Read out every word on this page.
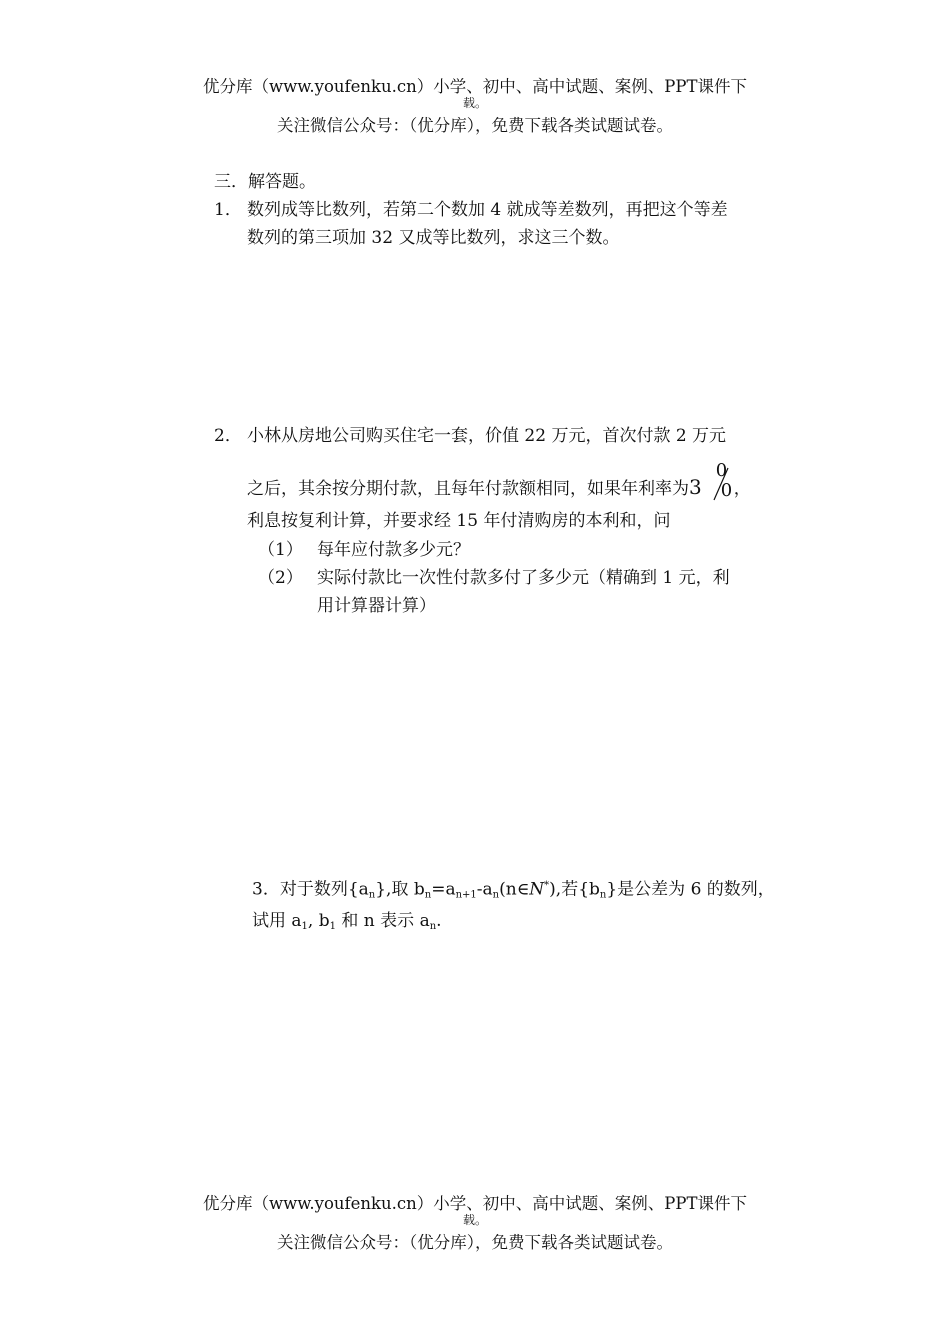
优分库（www.youfenku.cn）小学、初中、高中试题、案例、PPT课件下
载。
关注微信公众号：（优分库），免费下载各类试题试卷。
三．解答题。
1． 数列成等比数列，若第二个数加 4 就成等差数列，再把这个等差
数列的第三项加 32 又成等比数列，求这三个数。
2． 小林从房地公司购买住宅一套，价值 22 万元，首次付款 2 万元
之后，其余按分期付款，且每年付款额相同，如果年利率为3
0
0 ，
利息按复利计算，并要求经 15 年付清购房的本利和，问
（1） 每年应付款多少元？
（2） 实际付款比一次性付款多付了多少元（精确到 1 元，利
用计算器计算）
3．对于数列$\{a_n\}$,取 $b_n=a_{n+1}-a_n(n\in N^*)$,若$\{b_n\}$是公差为 6 的数列，
试用 $a_1$, $b_1$ 和 n 表示 $a_n$.
优分库（www.youfenku.cn）小学、初中、高中试题、案例、PPT课件下
载。
关注微信公众号：（优分库），免费下载各类试题试卷。
